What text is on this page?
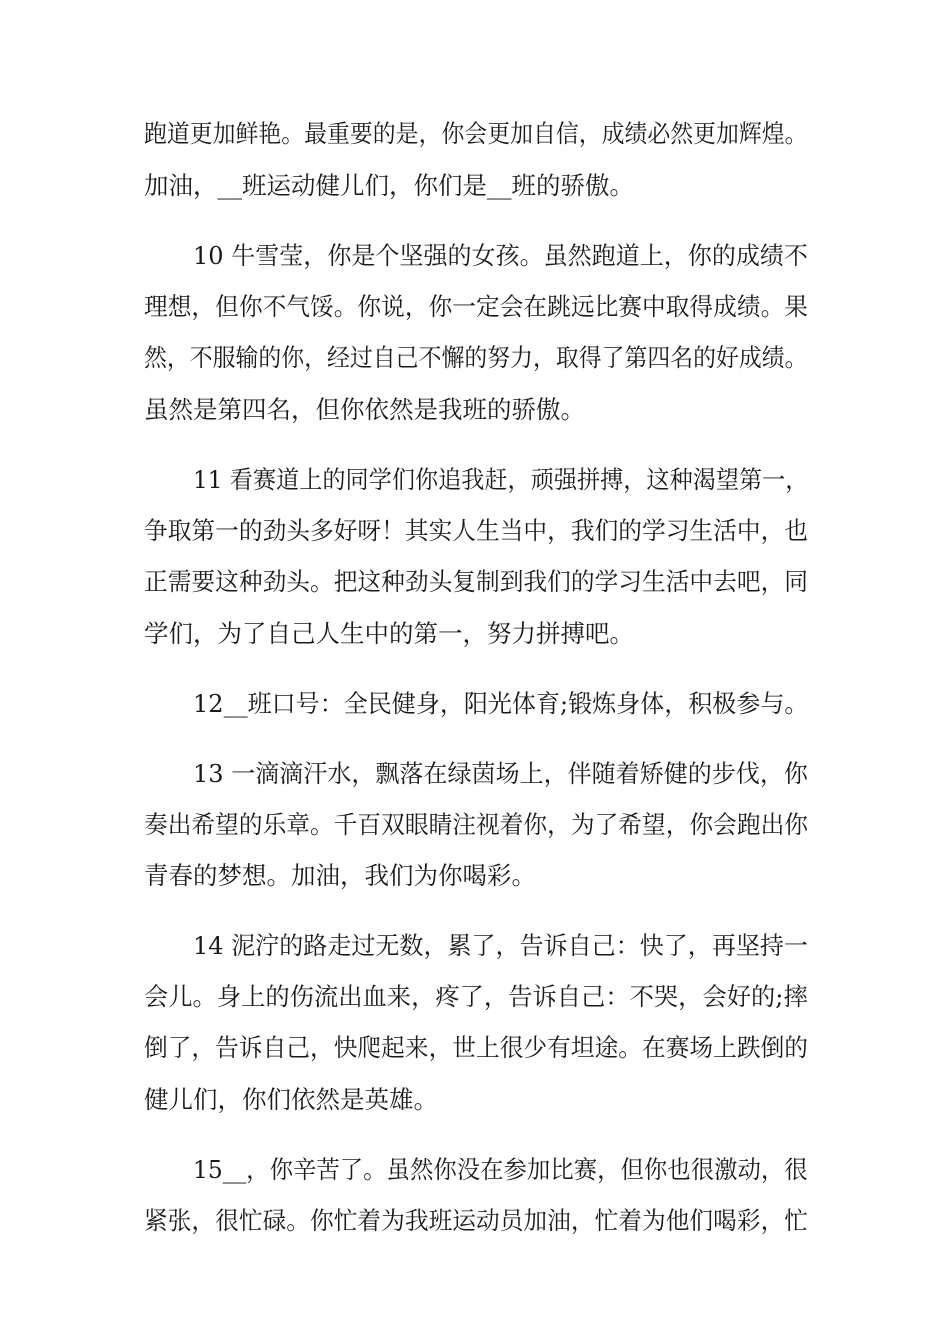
跑道更加鲜艳。最重要的是，你会更加自信，成绩必然更加辉煌。
加油，__班运动健儿们，你们是__班的骄傲。
10 牛雪莹，你是个坚强的女孩。虽然跑道上，你的成绩不
理想，但你不气馁。你说，你一定会在跳远比赛中取得成绩。果
然，不服输的你，经过自己不懈的努力，取得了第四名的好成绩。
虽然是第四名，但你依然是我班的骄傲。
11 看赛道上的同学们你追我赶，顽强拼搏，这种渴望第一，
争取第一的劲头多好呀！其实人生当中，我们的学习生活中，也
正需要这种劲头。把这种劲头复制到我们的学习生活中去吧，同
学们，为了自己人生中的第一，努力拼搏吧。
12__班口号：全民健身，阳光体育;锻炼身体，积极参与。
13 一滴滴汗水，飘落在绿茵场上，伴随着矫健的步伐，你
奏出希望的乐章。千百双眼睛注视着你，为了希望，你会跑出你
青春的梦想。加油，我们为你喝彩。
14 泥泞的路走过无数，累了，告诉自己：快了，再坚持一
会儿。身上的伤流出血来，疼了，告诉自己：不哭，会好的;摔
倒了，告诉自己，快爬起来，世上很少有坦途。在赛场上跌倒的
健儿们，你们依然是英雄。
15__，你辛苦了。虽然你没在参加比赛，但你也很激动，很
紧张，很忙碌。你忙着为我班运动员加油，忙着为他们喝彩，忙
